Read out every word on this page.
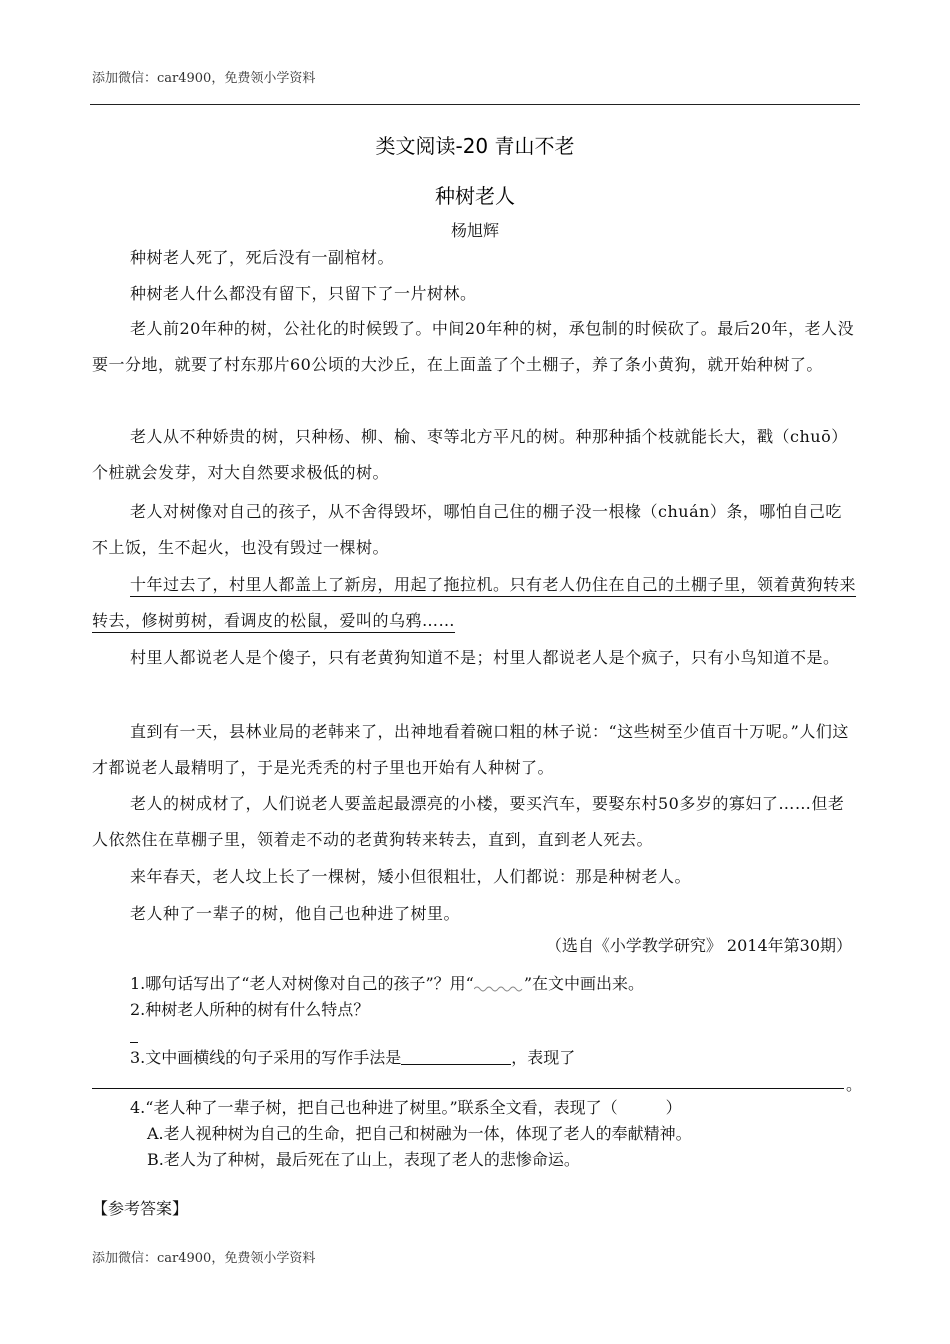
添加微信：car4900，免费领小学资料
类文阅读-20 青山不老
种树老人
杨旭辉

种树老人死了，死后没有一副棺材。

种树老人什么都没有留下，只留下了一片树林。

老人前20年种的树，公社化的时候毁了。中间20年种的树，承包制的时候砍了。最后20年，老人没要一分地，就要了村东那片60公顷的大沙丘，在上面盖了个土棚子，养了条小黄狗，就开始种树了。

老人从不种娇贵的树，只种杨、柳、榆、枣等北方平凡的树。种那种插个枝就能长大，戳（chuō）个桩就会发芽，对大自然要求极低的树。

老人对树像对自己的孩子，从不舍得毁坏，哪怕自己住的棚子没一根椽（chuán）条，哪怕自己吃不上饭，生不起火，也没有毁过一棵树。

十年过去了，村里人都盖上了新房，用起了拖拉机。只有老人仍住在自己的土棚子里，领着黄狗转来转去，修树剪树，看调皮的松鼠，爱叫的乌鸦……

村里人都说老人是个傻子，只有老黄狗知道不是；村里人都说老人是个疯子，只有小鸟知道不是。

直到有一天，县林业局的老韩来了，出神地看着碗口粗的林子说：“这些树至少值百十万呢。”人们这才都说老人最精明了，于是光秃秃的村子里也开始有人种树了。

老人的树成材了，人们说老人要盖起最漂亮的小楼，要买汽车，要娶东村50多岁的寡妇了……但老人依然住在草棚子里，领着走不动的老黄狗转来转去，直到，直到老人死去。

来年春天，老人坟上长了一棵树，矮小但很粗壮，人们都说：那是种树老人。

老人种了一辈子的树，他自己也种进了树里。

（选自《小学教学研究》 2014年第30期）
1.哪句话写出了“老人对树像对自己的孩子”？用“	”在文中画出来。
2.种树老人所种的树有什么特点？
3.文中画横线的句子采用的写作手法是	，表现了
。
4.“老人种了一辈子树，把自己也种进了树里。”联系全文看，表现了（　　　）
A.老人视种树为自己的生命，把自己和树融为一体，体现了老人的奉献精神。
B.老人为了种树，最后死在了山上，表现了老人的悲惨命运。
【参考答案】
添加微信：car4900，免费领小学资料
